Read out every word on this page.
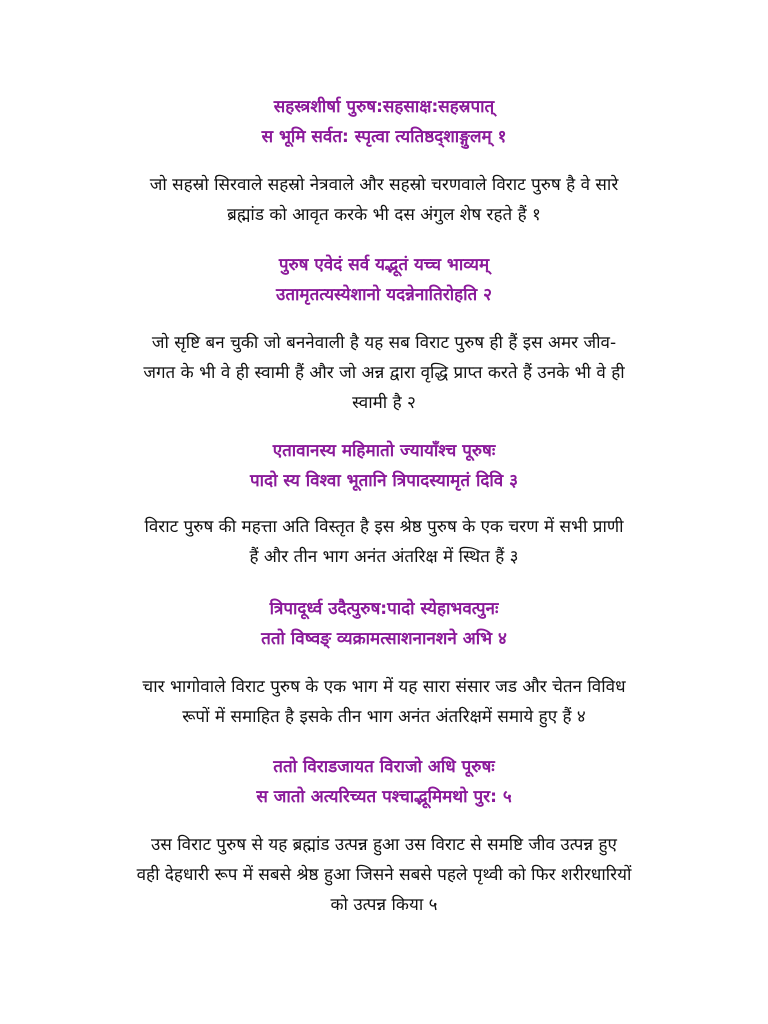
सहस्त्रशीर्षा पुरुष:सहसाक्ष:सहस्रपात्
स भूमि सर्वत: स्पृत्वा त्यतिष्ठद्शाङ्गुलम् १
जो सहस्रो सिरवाले सहस्रो नेत्रवाले और सहस्रो चरणवाले विराट पुरुष है वे सारे
ब्रह्मांड को आवृत करके भी दस अंगुल शेष रहते हैं १
पुरुष एवेदं सर्व यद्भूतं यच्च भाव्यम्
उतामृतत्यस्येशानो यदन्नेनातिरोहति २
जो सृष्टि बन चुकी जो बननेवाली है यह सब विराट पुरुष ही हैं इस अमर जीव-
जगत के भी वे ही स्वामी हैं और जो अन्न द्वारा वृद्धि प्राप्त करते हैं उनके भी वे ही
स्वामी है २
एतावानस्य महिमातो ज्यायाँश्च पूरुषः
पादो स्य विश्वा भूतानि त्रिपादस्यामृतं दिवि ३
विराट पुरुष की महत्ता अति विस्तृत है इस श्रेष्ठ पुरुष के एक चरण में सभी प्राणी
हैं और तीन भाग अनंत अंतरिक्ष में स्थित हैं ३
त्रिपादूर्ध्व उदैत्पुरुष:पादो स्येहाभवत्पुनः
ततो विष्वङ् व्यक्रामत्साशनानशने अभि ४
चार भागोवाले विराट पुरुष के एक भाग में यह सारा संसार जड और चेतन विविध
रूपों में समाहित है इसके तीन भाग अनंत अंतरिक्षमें समाये हुए हैं ४
ततो विराडजायत विराजो अधि पूरुषः
स जातो अत्यरिच्यत पश्चाद्भूमिमथो पुर: ५
उस विराट पुरुष से यह ब्रह्मांड उत्पन्न हुआ उस विराट से समष्टि जीव उत्पन्न हुए
वही देहधारी रूप में सबसे श्रेष्ठ हुआ जिसने सबसे पहले पृथ्वी को फिर शरीरधारियों
को उत्पन्न किया ५
